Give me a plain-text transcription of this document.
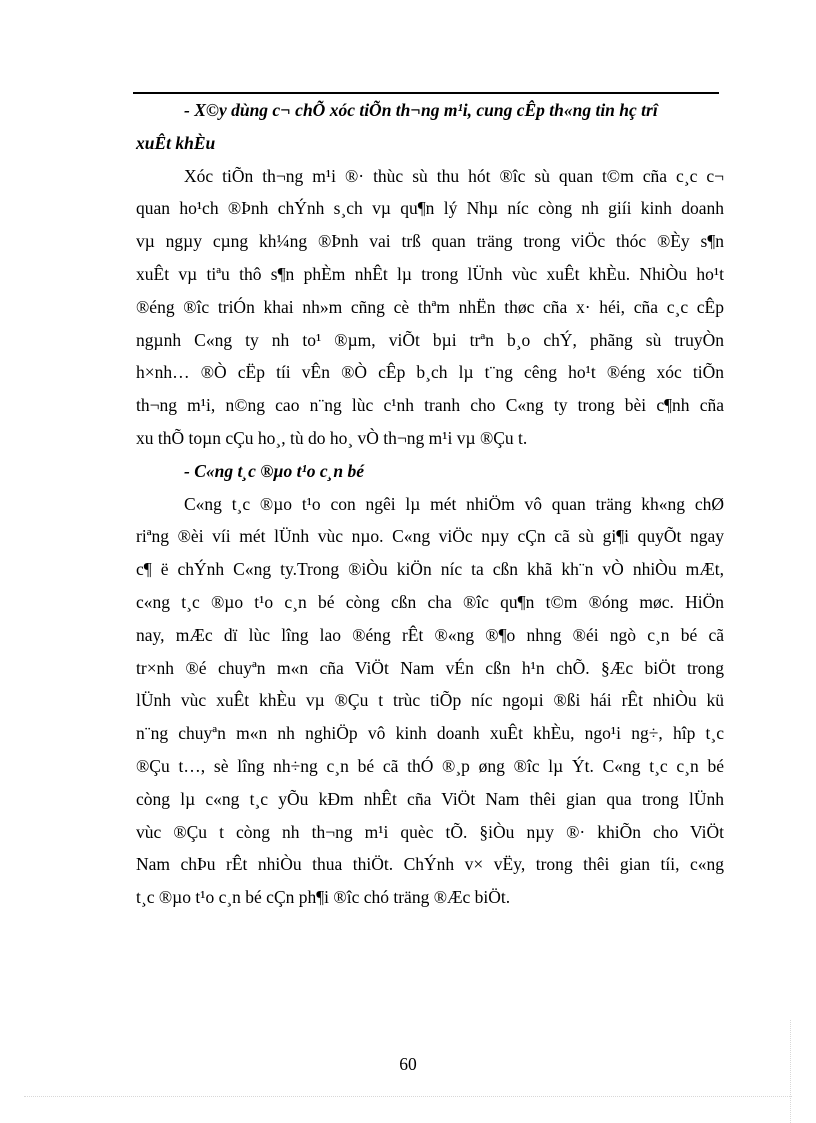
- X©y dùng c¬ chÕ xóc tiÕn th¬ng m¹i, cung cÊp th«ng tin hç trî
xuÊt khÈu
Xóc tiÕn th¬ng m¹i ®· thùc sù thu hót ®îc sù quan t©m cña c¸c c¬
quan ho¹ch ®Þnh chÝnh s¸ch vµ qu¶n lý Nhµ níc còng nh giíi kinh doanh
vµ ngµy cµng kh¼ng ®Þnh vai trß quan träng trong viÖc thóc ®Èy s¶n
xuÊt vµ tiªu thô s¶n phÈm nhÊt lµ trong lÜnh vùc xuÊt khÈu. NhiÒu ho¹t
®éng ®îc triÓn khai nh»m cñng cè thªm nhËn thøc cña x· héi, cña c¸c cÊp
ngµnh C«ng ty nh to¹ ®µm, viÕt bµi trªn b¸o chÝ, phãng sù truyÒn
h×nh… ®Ò cËp tíi vÊn ®Ò cÊp b¸ch lµ t¨ng cêng ho¹t ®éng xóc tiÕn
th¬ng m¹i, n©ng cao n¨ng lùc c¹nh tranh cho C«ng ty trong bèi c¶nh cña
xu thÕ toµn cÇu ho¸, tù do ho¸ vÒ th¬ng m¹i vµ ®Çu t.
- C«ng t¸c ®µo t¹o c¸n bé
C«ng t¸c ®µo t¹o con ngêi lµ mét nhiÖm vô quan träng kh«ng chØ
riªng ®èi víi mét lÜnh vùc nµo. C«ng viÖc nµy cÇn cã sù gi¶i quyÕt ngay
c¶ ë chÝnh C«ng ty.Trong ®iÒu kiÖn níc ta cßn khã kh¨n vÒ nhiÒu mÆt,
c«ng t¸c ®µo t¹o c¸n bé còng cßn cha ®îc qu¶n t©m ®óng møc. HiÖn
nay, mÆc dï lùc lîng lao ®éng rÊt ®«ng ®¶o nhng ®éi ngò c¸n bé cã
tr×nh ®é chuyªn m«n cña ViÖt Nam vÉn cßn h¹n chÕ. §Æc biÖt trong
lÜnh vùc xuÊt khÈu vµ ®Çu t trùc tiÕp níc ngoµi ®ßi hái rÊt nhiÒu kü
n¨ng chuyªn m«n nh nghiÖp vô kinh doanh xuÊt khÈu, ngo¹i ng÷, hîp t¸c
®Çu t…, sè lîng nh÷ng c¸n bé cã thÓ ®¸p øng ®îc lµ Ýt. C«ng t¸c c¸n bé
còng lµ c«ng t¸c yÕu kÐm nhÊt cña ViÖt Nam thêi gian qua trong lÜnh
vùc ®Çu t còng nh th¬ng m¹i quèc tÕ. §iÒu nµy ®· khiÕn cho ViÖt
Nam chÞu rÊt nhiÒu thua thiÖt. ChÝnh v× vËy, trong thêi gian tíi, c«ng
t¸c ®µo t¹o c¸n bé cÇn ph¶i ®îc chó träng ®Æc biÖt.
60
